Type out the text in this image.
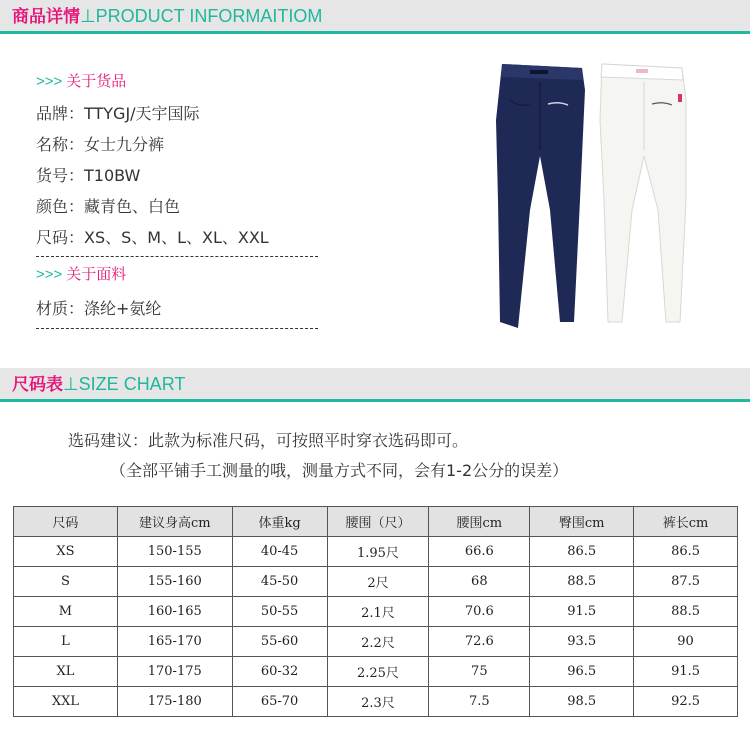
商品详情⊥PRODUCT INFORMAITIOM
>>> 关于货品
品牌：TTYGJ/天宇国际
名称：女士九分裤
货号：T10BW
颜色：藏青色、白色
尺码：XS、S、M、L、XL、XXL
>>> 关于面料
材质：涤纶+氨纶
尺码表⊥SIZE CHART
选码建议：此款为标准尺码，可按照平时穿衣选码即可。
（全部平铺手工测量的哦，测量方式不同，会有1-2公分的误差）
尺码	建议身高cm	体重kg	腰围（尺）	腰围cm	臀围cm	裤长cm
XS	150-155	40-45	1.95尺	66.6	86.5	86.5
S	155-160	45-50	2尺	68	88.5	87.5
M	160-165	50-55	2.1尺	70.6	91.5	88.5
L	165-170	55-60	2.2尺	72.6	93.5	90
XL	170-175	60-32	2.25尺	75	96.5	91.5
XXL	175-180	65-70	2.3尺	7.5	98.5	92.5
